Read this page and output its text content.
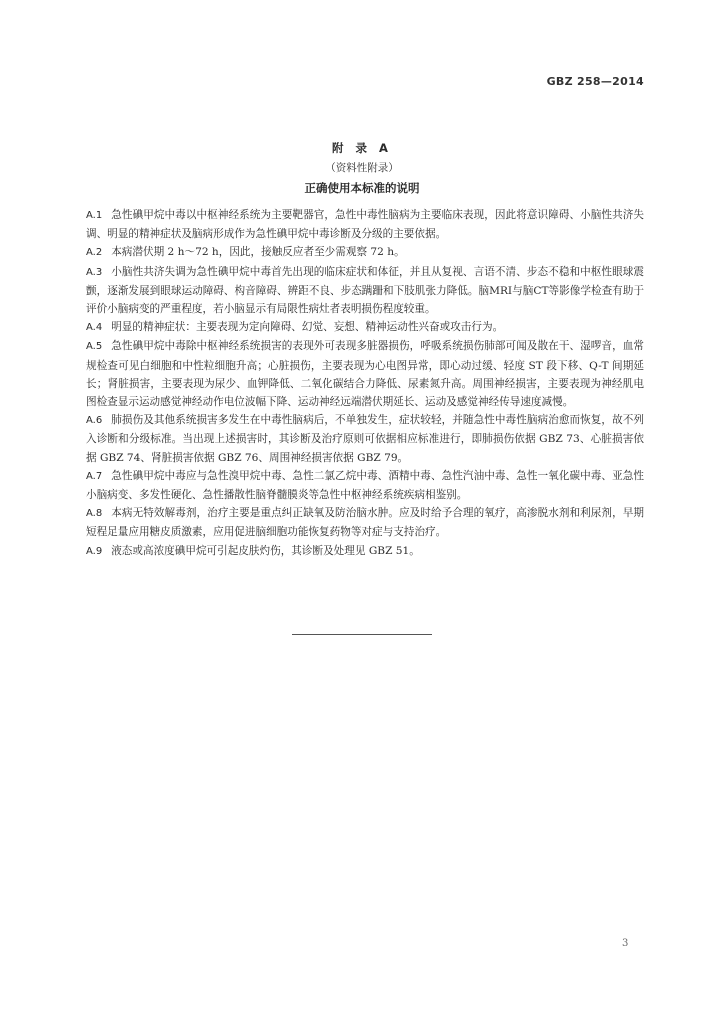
GBZ 258—2014
附 录 A
（资料性附录）
正确使用本标准的说明

A.1 急性碘甲烷中毒以中枢神经系统为主要靶器官，急性中毒性脑病为主要临床表现，因此将意识障碍、小脑性共济失调、明显的精神症状及脑病形成作为急性碘甲烷中毒诊断及分级的主要依据。

A.2 本病潜伏期 2 h～72 h，因此，接触反应者至少需观察 72 h。

A.3 小脑性共济失调为急性碘甲烷中毒首先出现的临床症状和体征，并且从复视、言语不清、步态不稳和中枢性眼球震颤，逐渐发展到眼球运动障碍、构音障碍、辨距不良、步态蹒跚和下肢肌张力降低。脑MRI与脑CT等影像学检查有助于评价小脑病变的严重程度，若小脑显示有局限性病灶者表明损伤程度较重。

A.4 明显的精神症状：主要表现为定向障碍、幻觉、妄想、精神运动性兴奋或攻击行为。

A.5 急性碘甲烷中毒除中枢神经系统损害的表现外可表现多脏器损伤，呼吸系统损伤肺部可闻及散在干、湿啰音，血常规检查可见白细胞和中性粒细胞升高；心脏损伤，主要表现为心电图异常，即心动过缓、轻度 ST 段下移、Q-T 间期延长；肾脏损害，主要表现为尿少、血钾降低、二氧化碳结合力降低、尿素氮升高。周围神经损害，主要表现为神经肌电图检查显示运动感觉神经动作电位波幅下降、运动神经远端潜伏期延长、运动及感觉神经传导速度减慢。

A.6 肺损伤及其他系统损害多发生在中毒性脑病后，不单独发生，症状较轻，并随急性中毒性脑病治愈而恢复，故不列入诊断和分级标准。当出现上述损害时，其诊断及治疗原则可依据相应标准进行，即肺损伤依据 GBZ 73、心脏损害依据 GBZ 74、肾脏损害依据 GBZ 76、周围神经损害依据 GBZ 79。

A.7 急性碘甲烷中毒应与急性溴甲烷中毒、急性二氯乙烷中毒、酒精中毒、急性汽油中毒、急性一氧化碳中毒、亚急性小脑病变、多发性硬化、急性播散性脑脊髓膜炎等急性中枢神经系统疾病相鉴别。

A.8 本病无特效解毒剂，治疗主要是重点纠正缺氧及防治脑水肿。应及时给予合理的氧疗，高渗脱水剂和利尿剂，早期短程足量应用糖皮质激素，应用促进脑细胞功能恢复药物等对症与支持治疗。

A.9 液态或高浓度碘甲烷可引起皮肤灼伤，其诊断及处理见 GBZ 51。

3
